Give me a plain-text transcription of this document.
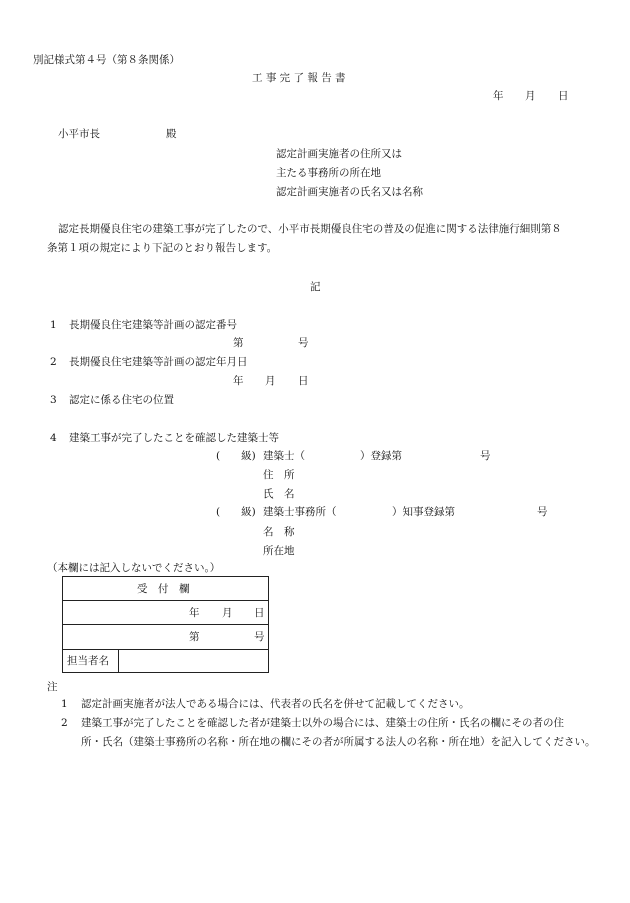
別記様式第４号（第８条関係）
工 事 完 了 報 告 書
年 月 日
小平市長	殿
認定計画実施者の住所又は
主たる事務所の所在地
認定計画実施者の氏名又は名称
認定長期優良住宅の建築工事が完了したので、小平市長期優良住宅の普及の促進に関する法律施行細則第８
条第１項の規定により下記のとおり報告します。
記
1 長期優良住宅建築等計画の認定番号
第	号
2 長期優良住宅建築等計画の認定年月日
年 月 日
3 認定に係る住宅の位置
4 建築工事が完了したことを確認した建築士等
(　　級) 建築士（	）登録第	号
住　所
氏　名
(　　級) 建築士事務所（	）知事登録第	号
名　称
所在地
（本欄には記入しないでください。）
受　付　欄
年 月 日
第	号
担当者名
注
1 認定計画実施者が法人である場合には、代表者の氏名を併せて記載してください。
2 建築工事が完了したことを確認した者が建築士以外の場合には、建築士の住所・氏名の欄にその者の住
所・氏名（建築士事務所の名称・所在地の欄にその者が所属する法人の名称・所在地）を記入してください。
